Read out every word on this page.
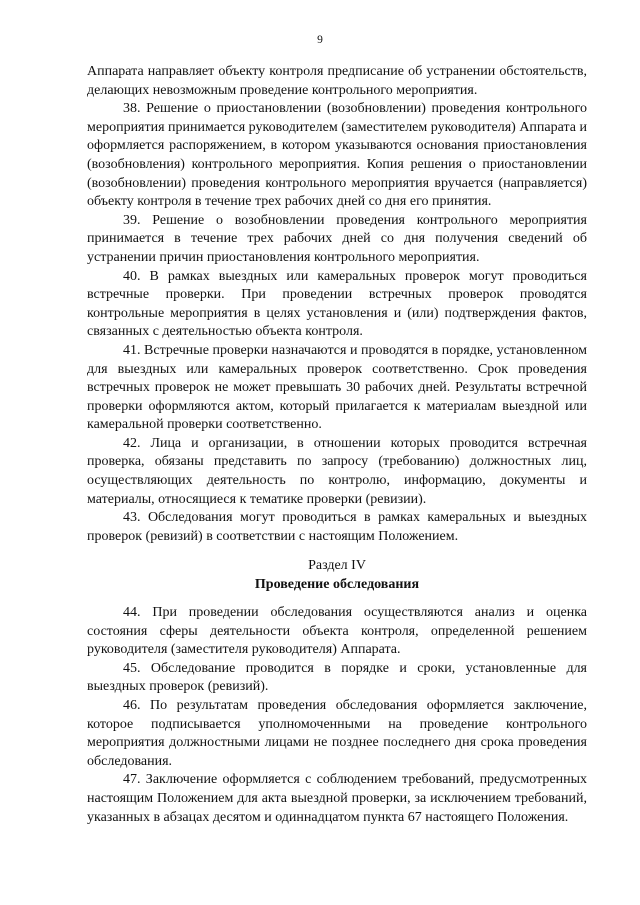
9

Аппарата направляет объекту контроля предписание об устранении обстоятельств, делающих невозможным проведение контрольного мероприятия.

38. Решение о приостановлении (возобновлении) проведения контрольного мероприятия принимается руководителем (заместителем руководителя) Аппарата и оформляется распоряжением, в котором указываются основания приостановления (возобновления) контрольного мероприятия. Копия решения о приостановлении (возобновлении) проведения контрольного мероприятия вручается (направляется) объекту контроля в течение трех рабочих дней со дня его принятия.

39. Решение о возобновлении проведения контрольного мероприятия принимается в течение трех рабочих дней со дня получения сведений об устранении причин приостановления контрольного мероприятия.

40. В рамках выездных или камеральных проверок могут проводиться встречные проверки. При проведении встречных проверок проводятся контрольные мероприятия в целях установления и (или) подтверждения фактов, связанных с деятельностью объекта контроля.

41. Встречные проверки назначаются и проводятся в порядке, установленном для выездных или камеральных проверок соответственно. Срок проведения встречных проверок не может превышать 30 рабочих дней. Результаты встречной проверки оформляются актом, который прилагается к материалам выездной или камеральной проверки соответственно.

42. Лица и организации, в отношении которых проводится встречная проверка, обязаны представить по запросу (требованию) должностных лиц, осуществляющих деятельность по контролю, информацию, документы и материалы, относящиеся к тематике проверки (ревизии).

43. Обследования могут проводиться в рамках камеральных и выездных проверок (ревизий) в соответствии с настоящим Положением.

Раздел IV
Проведение обследования

44. При проведении обследования осуществляются анализ и оценка состояния сферы деятельности объекта контроля, определенной решением руководителя (заместителя руководителя) Аппарата.

45. Обследование проводится в порядке и сроки, установленные для выездных проверок (ревизий).

46. По результатам проведения обследования оформляется заключение, которое подписывается уполномоченными на проведение контрольного мероприятия должностными лицами не позднее последнего дня срока проведения обследования.

47. Заключение оформляется с соблюдением требований, предусмотренных настоящим Положением для акта выездной проверки, за исключением требований, указанных в абзацах десятом и одиннадцатом пункта 67 настоящего Положения.
